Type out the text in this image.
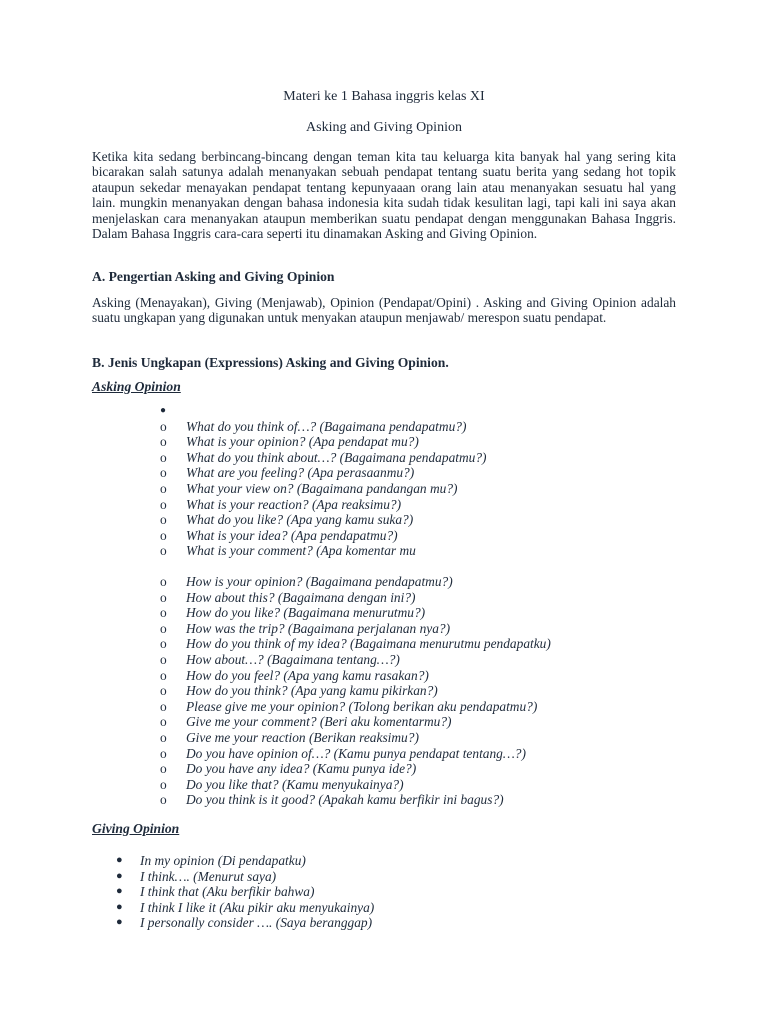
Materi ke 1 Bahasa inggris kelas XI
Asking and Giving Opinion

Ketika kita sedang berbincang-bincang dengan teman kita tau keluarga kita banyak hal yang sering kita bicarakan salah satunya adalah menanyakan sebuah pendapat tentang suatu berita yang sedang hot topik ataupun sekedar menayakan pendapat tentang kepunyaaan orang lain atau menanyakan sesuatu hal yang lain. mungkin menanyakan dengan bahasa indonesia kita sudah tidak kesulitan lagi, tapi kali ini saya akan menjelaskan cara menanyakan ataupun memberikan suatu pendapat dengan menggunakan Bahasa Inggris. Dalam Bahasa Inggris cara-cara seperti itu dinamakan Asking and Giving Opinion.

A. Pengertian Asking and Giving Opinion

Asking (Menayakan), Giving (Menjawab), Opinion (Pendapat/Opini) . Asking and Giving Opinion adalah suatu ungkapan yang digunakan untuk menyakan ataupun menjawab/ merespon suatu pendapat.

B. Jenis Ungkapan (Expressions) Asking and Giving Opinion.
Asking Opinion
●
o What do you think of…? (Bagaimana pendapatmu?)
o What is your opinion? (Apa pendapat mu?)
o What do you think about…? (Bagaimana pendapatmu?)
o What are you feeling? (Apa perasaanmu?)
o What your view on? (Bagaimana pandangan mu?)
o What is your reaction? (Apa reaksimu?)
o What do you like? (Apa yang kamu suka?)
o What is your idea? (Apa pendapatmu?)
o What is your comment? (Apa komentar mu
o How is your opinion? (Bagaimana pendapatmu?)
o How about this? (Bagaimana dengan ini?)
o How do you like? (Bagaimana menurutmu?)
o How was the trip? (Bagaimana perjalanan nya?)
o How do you think of my idea? (Bagaimana menurutmu pendapatku)
o How about…? (Bagaimana tentang…?)
o How do you feel? (Apa yang kamu rasakan?)
o How do you think? (Apa yang kamu pikirkan?)
o Please give me your opinion? (Tolong berikan aku pendapatmu?)
o Give me your comment? (Beri aku komentarmu?)
o Give me your reaction (Berikan reaksimu?)
o Do you have opinion of…? (Kamu punya pendapat tentang…?)
o Do you have any idea? (Kamu punya ide?)
o Do you like that? (Kamu menyukainya?)
o Do you think is it good? (Apakah kamu berfikir ini bagus?)
Giving Opinion
● In my opinion (Di pendapatku)
● I think…. (Menurut saya)
● I think that (Aku berfikir bahwa)
● I think I like it (Aku pikir aku menyukainya)
● I personally consider …. (Saya beranggap)
